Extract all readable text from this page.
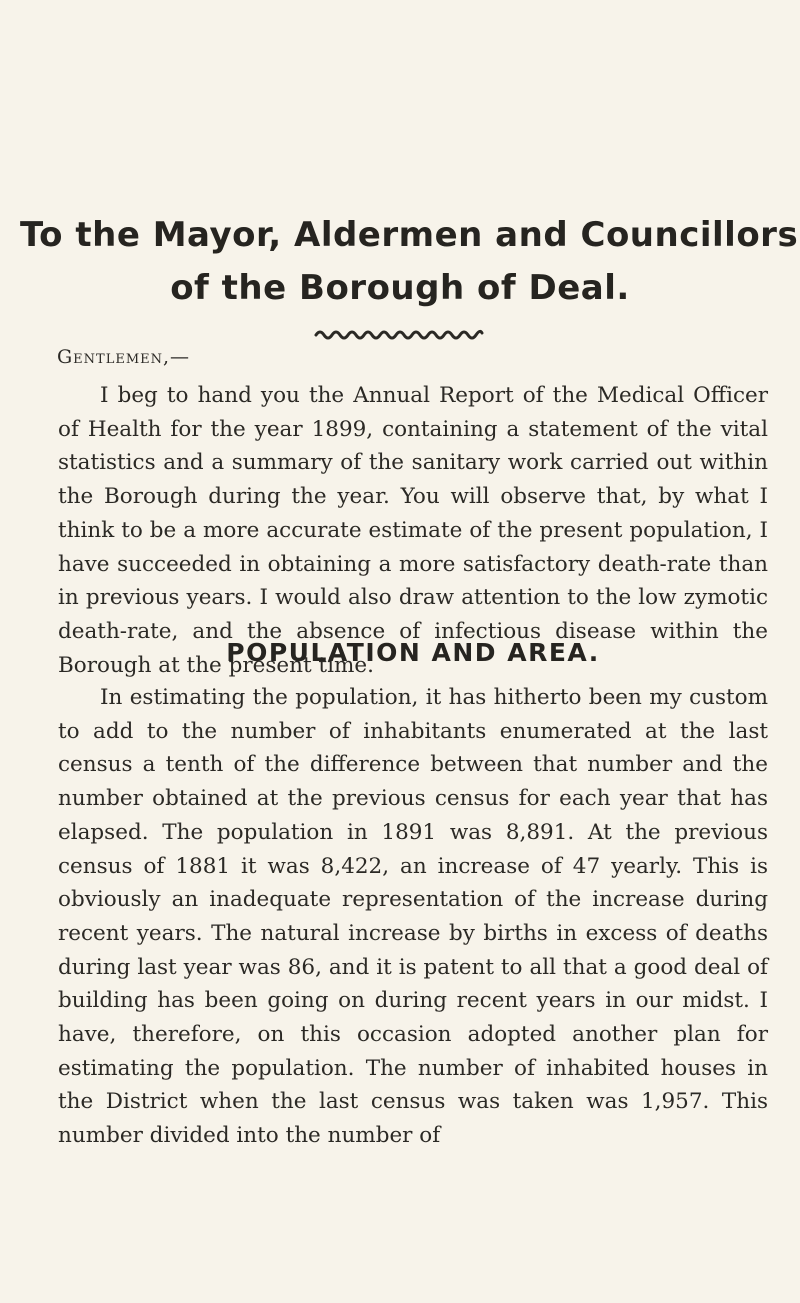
To the Mayor, Aldermen and Councillors
of the Borough of Deal.

Gentlemen,—

I beg to hand you the Annual Report of the Medical Officer of Health for the year 1899, containing a statement of the vital statistics and a summary of the sanitary work carried out within the Borough during the year. You will observe that, by what I think to be a more accurate estimate of the present population, I have succeeded in obtaining a more satisfactory death-rate than in previous years. I would also draw attention to the low zymotic death-rate, and the absence of infectious disease within the Borough at the present time.

POPULATION AND AREA.

In estimating the population, it has hitherto been my custom to add to the number of inhabitants enumerated at the last census a tenth of the difference between that number and the number obtained at the previous census for each year that has elapsed. The population in 1891 was 8,891. At the previous census of 1881 it was 8,422, an increase of 47 yearly. This is obviously an inadequate representation of the increase during recent years. The natural increase by births in excess of deaths during last year was 86, and it is patent to all that a good deal of building has been going on during recent years in our midst. I have, therefore, on this occasion adopted another plan for estimating the population. The number of inhabited houses in the District when the last census was taken was 1,957. This number divided into the number of
